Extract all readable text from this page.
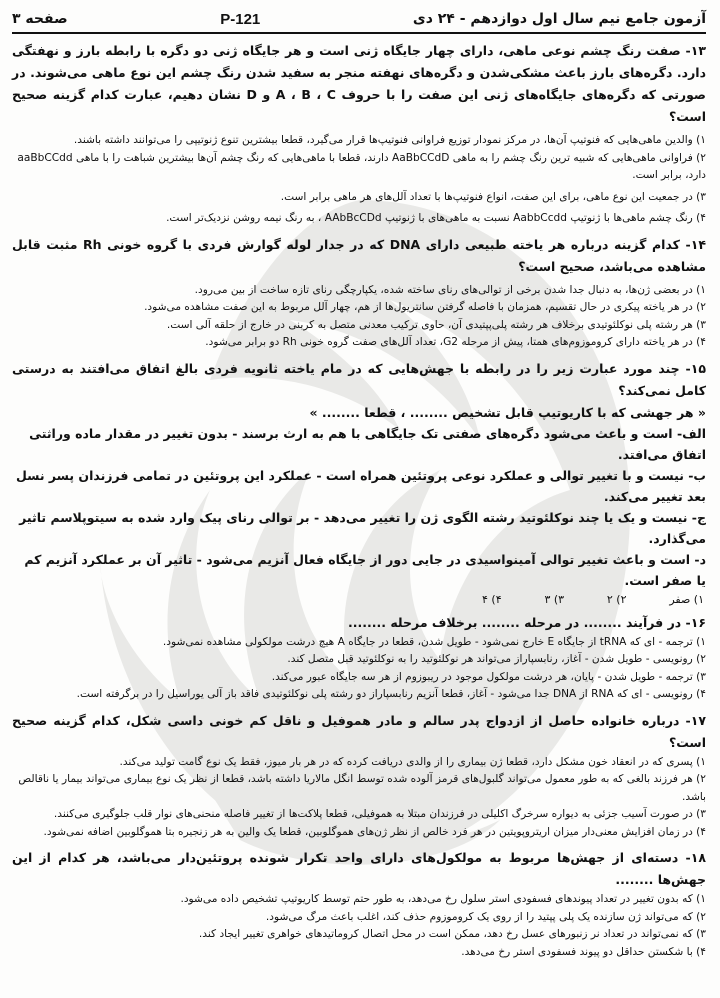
آزمون جامع نیم سال اول دوازدهم - ۲۴ دی
121-P
صفحه ۳
۱۳- صفت رنگ چشم نوعی ماهی، دارای چهار جایگاه ژنی است و هر جایگاه ژنی دو دگره با رابطه بارز و نهفتگی دارد. دگره‌های بارز باعث مشکی‌شدن و دگره‌های نهفته منجر به سفید شدن رنگ چشم این نوع ماهی می‌شوند. در صورتی که دگره‌های جایگاه‌های ژنی این صفت را با حروف A ، B ، C و D نشان دهیم، عبارت کدام گزینه صحیح است؟

۱) والدین ماهی‌هایی که فنوتیپ آن‌ها، در مرکز نمودار توزیع فراوانی فنوتیپ‌ها قرار می‌گیرد، قطعا بیشترین تنوع ژنوتیپی را می‌توانند داشته باشند.

۲) فراوانی ماهی‌هایی که شبیه ترین رنگ چشم را به ماهی AaBbCCdD دارند، قطعا با ماهی‌هایی که رنگ چشم آن‌ها بیشترین شباهت را با ماهی aaBbCCdd دارد، برابر است.

۳) در جمعیت این نوع ماهی، برای این صفت، انواع فنوتیپ‌ها با تعداد آلل‌های هر ماهی برابر است.

۴) رنگ چشم ماهی‌ها با ژنوتیپ AabbCcdd نسبت به ماهی‌های با ژنوتیپ AAbBcCDd ، به رنگ نیمه روشن نزدیک‌تر است.

۱۴- کدام گزینه درباره هر یاخته طبیعی دارای DNA که در جدار لوله گوارش فردی با گروه خونی Rh مثبت قابل مشاهده می‌باشد، صحیح است؟

۱) در بعضی ژن‌ها، به دنبال جدا شدن برخی از توالی‌های رنای ساخته شده، یکپارچگی رنای تازه ساخت از بین می‌رود.

۲) در هر یاخته پیکری در حال تقسیم، همزمان با فاصله گرفتن سانتریول‌ها از هم، چهار آلل مربوط به این صفت مشاهده می‌شود.

۳) هر رشته پلی نوکلئوتیدی برخلاف هر رشته پلی‌پپتیدی آن، حاوی ترکیب معدنی متصل به کربنی در خارج از حلقه آلی است.

۴) در هر یاخته دارای کروموزوم‌های همتا، پیش از مرحله G2، تعداد آلل‌های صفت گروه خونی Rh دو برابر می‌شود.

۱۵- چند مورد عبارت زیر را در رابطه با جهش‌هایی که در مام یاخته ثانویه فردی بالغ اتفاق می‌افتند به درستی کامل نمی‌کند؟
« هر جهشی که با کاریوتیپ قابل تشخیص ........ ، قطعا ........ »
الف- است و باعث می‌شود دگره‌های صفتی تک جایگاهی با هم به ارث برسند - بدون تغییر در مقدار ماده وراثتی اتفاق می‌افتد.
ب- نیست و با تغییر توالی و عملکرد نوعی پروتئین همراه است - عملکرد این پروتئین در تمامی فرزندان پسر نسل بعد تغییر می‌کند.
ج- نیست و یک یا چند نوکلئوتید رشته الگوی ژن را تغییر می‌دهد - بر توالی رنای پیک وارد شده به سیتوپلاسم تاثیر می‌گذارد.
د- است و باعث تغییر توالی آمینواسیدی در جایی دور از جایگاه فعال آنزیم می‌شود - تاثیر آن بر عملکرد آنزیم کم یا صفر است.
۱) صفر
۲) ۲
۳) ۳
۴) ۴
۱۶- در فرآیند ........ در مرحله ........ برخلاف مرحله ........

۱) ترجمه - ای که tRNA از جایگاه E خارج نمی‌شود - طویل شدن، قطعا در جایگاه A هیچ درشت مولکولی مشاهده نمی‌شود.

۲) رونویسی - طویل شدن - آغاز، رنابسپاراز می‌تواند هر نوکلئوتید را به نوکلئوتید قبل متصل کند.

۳) ترجمه - طویل شدن - پایان، هر درشت مولکول موجود در ریبوزوم از هر سه جایگاه عبور می‌کند.

۴) رونویسی - ای که RNA از DNA جدا می‌شود - آغاز، قطعا آنزیم رنابسپاراز دو رشته پلی نوکلئوتیدی فاقد باز آلی یوراسیل را در برگرفته است.

۱۷- درباره خانواده حاصل از ازدواج پدر سالم و مادر هموفیل و ناقل کم خونی داسی شکل، کدام گزینه صحیح است؟

۱) پسری که در انعقاد خون مشکل دارد، قطعا ژن بیماری را از والدی دریافت کرده که در هر بار میوز، فقط یک نوع گامت تولید می‌کند.

۲) هر فرزند بالغی که به طور معمول می‌تواند گلبول‌های قرمز آلوده شده توسط انگل مالاریا داشته باشد، قطعا از نظر یک نوع بیماری می‌تواند بیمار یا ناقالص باشد.

۳) در صورت آسیب جزئی به دیواره سرخرگ اکلیلی در فرزندان مبتلا به هموفیلی، قطعا پلاکت‌ها از تغییر فاصله منحنی‌های نوار قلب جلوگیری می‌کنند.

۴) در زمان افزایش معنی‌دار میزان اریتروپویتین در هر فرد خالص از نظر ژن‌های هموگلوبین، قطعا یک والین به هر زنجیره بتا هموگلوبین اضافه نمی‌شود.

۱۸- دسته‌ای از جهش‌ها مربوط به مولکول‌های دارای واحد تکرار شونده پروتئین‌دار می‌باشد، هر کدام از این جهش‌ها ........

۱) که بدون تغییر در تعداد پیوندهای فسفودی استر سلول رخ می‌دهد، به طور حتم توسط کاریوتیپ تشخیص داده می‌شود.

۲) که می‌تواند ژن سازنده یک پلی پپتید را از روی یک کروموزوم حذف کند، اغلب باعث مرگ می‌شود.

۳) که نمی‌تواند در تعداد نر زنبورهای عسل رخ دهد، ممکن است در محل اتصال کروماتیدهای خواهری تغییر ایجاد کند.

۴) با شکستن حداقل دو پیوند فسفودی استر رخ می‌دهد.
